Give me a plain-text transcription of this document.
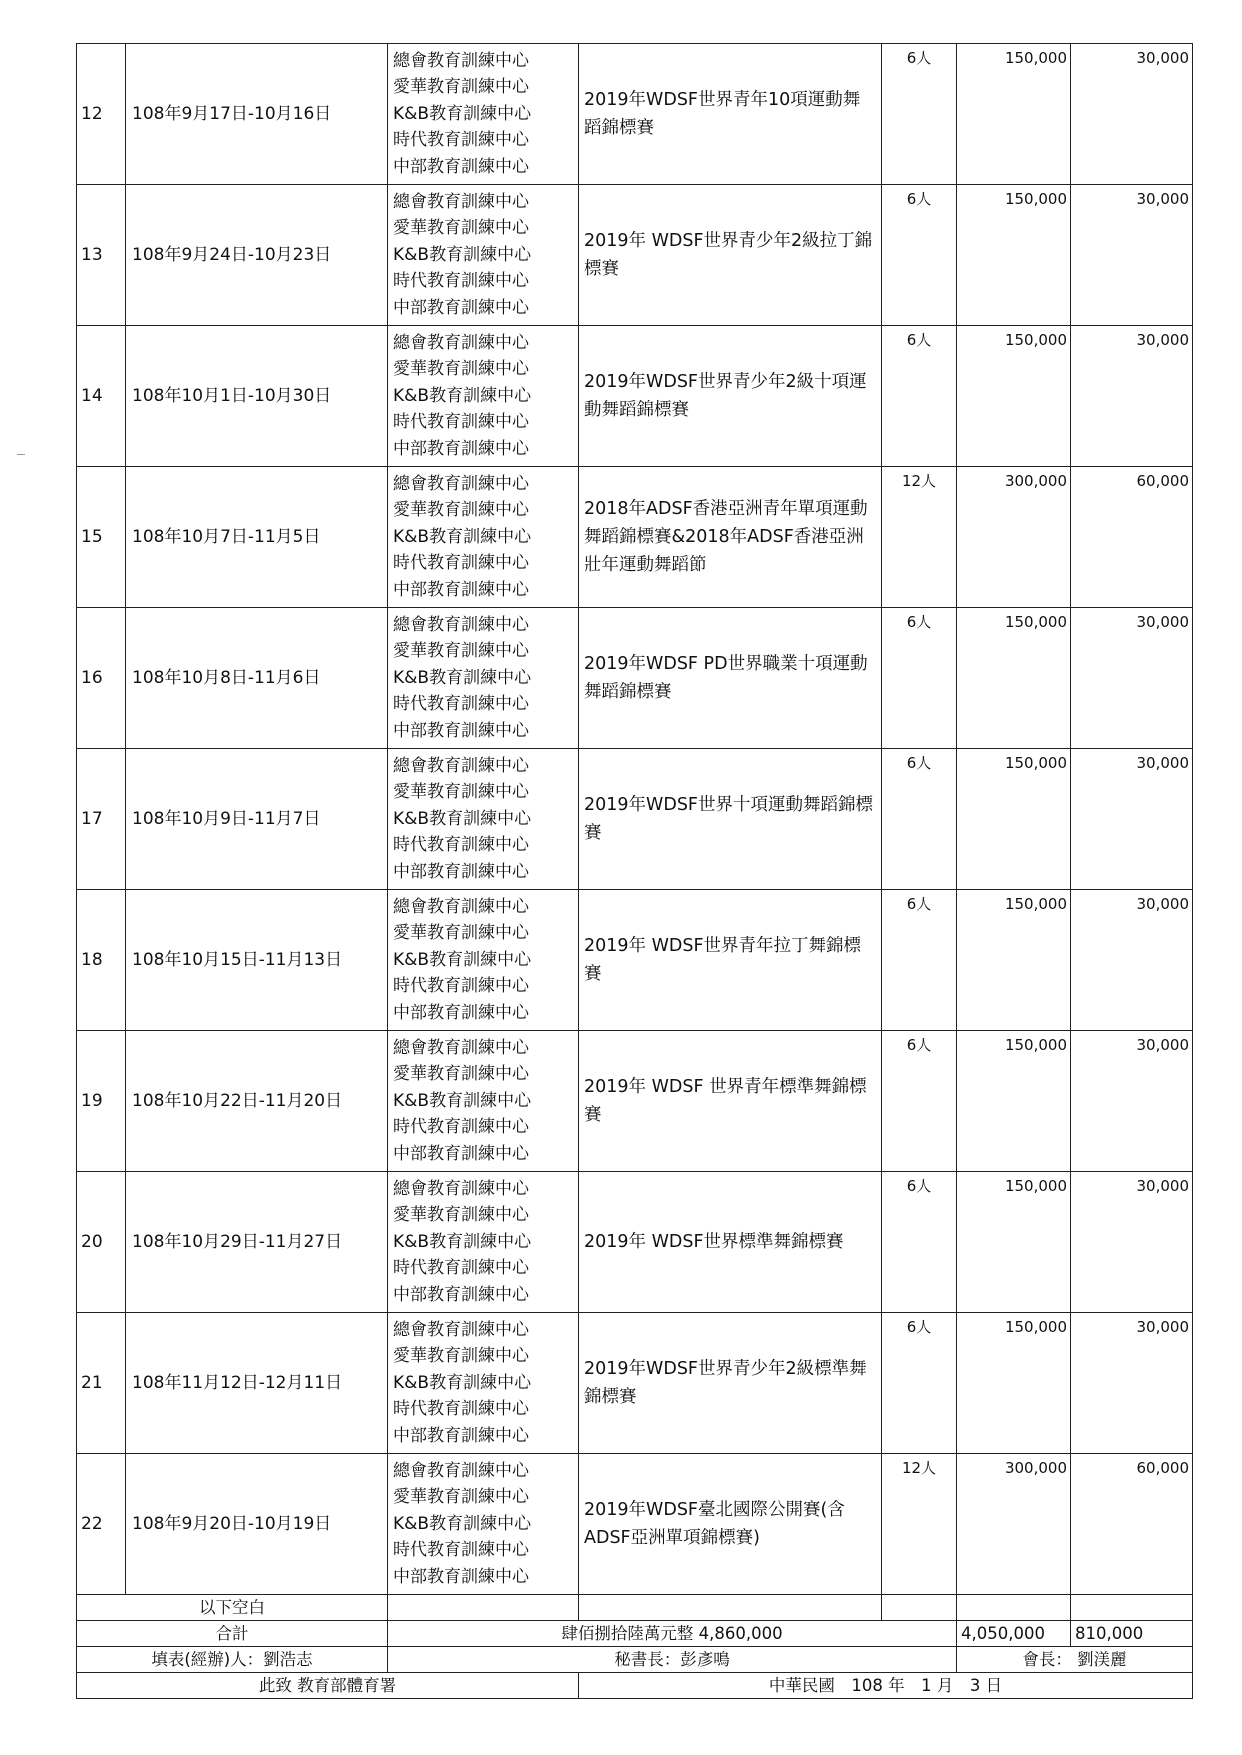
12	108年9月17日-10月16日	總會教育訓練中心
愛華教育訓練中心
K&B教育訓練中心
時代教育訓練中心
中部教育訓練中心	2019年WDSF世界青年10項運動舞蹈錦標賽	6人	150,000	30,000
13	108年9月24日-10月23日	總會教育訓練中心
愛華教育訓練中心
K&B教育訓練中心
時代教育訓練中心
中部教育訓練中心	2019年 WDSF世界青少年2級拉丁錦標賽	6人	150,000	30,000
14	108年10月1日-10月30日	總會教育訓練中心
愛華教育訓練中心
K&B教育訓練中心
時代教育訓練中心
中部教育訓練中心	2019年WDSF世界青少年2級十項運動舞蹈錦標賽	6人	150,000	30,000
15	108年10月7日-11月5日	總會教育訓練中心
愛華教育訓練中心
K&B教育訓練中心
時代教育訓練中心
中部教育訓練中心	2018年ADSF香港亞洲青年單項運動舞蹈錦標賽&2018年ADSF香港亞洲壯年運動舞蹈節	12人	300,000	60,000
16	108年10月8日-11月6日	總會教育訓練中心
愛華教育訓練中心
K&B教育訓練中心
時代教育訓練中心
中部教育訓練中心	2019年WDSF PD世界職業十項運動舞蹈錦標賽	6人	150,000	30,000
17	108年10月9日-11月7日	總會教育訓練中心
愛華教育訓練中心
K&B教育訓練中心
時代教育訓練中心
中部教育訓練中心	2019年WDSF世界十項運動舞蹈錦標賽	6人	150,000	30,000
18	108年10月15日-11月13日	總會教育訓練中心
愛華教育訓練中心
K&B教育訓練中心
時代教育訓練中心
中部教育訓練中心	2019年 WDSF世界青年拉丁舞錦標賽	6人	150,000	30,000
19	108年10月22日-11月20日	總會教育訓練中心
愛華教育訓練中心
K&B教育訓練中心
時代教育訓練中心
中部教育訓練中心	2019年 WDSF 世界青年標準舞錦標賽	6人	150,000	30,000
20	108年10月29日-11月27日	總會教育訓練中心
愛華教育訓練中心
K&B教育訓練中心
時代教育訓練中心
中部教育訓練中心	2019年 WDSF世界標準舞錦標賽	6人	150,000	30,000
21	108年11月12日-12月11日	總會教育訓練中心
愛華教育訓練中心
K&B教育訓練中心
時代教育訓練中心
中部教育訓練中心	2019年WDSF世界青少年2級標準舞錦標賽	6人	150,000	30,000
22	108年9月20日-10月19日	總會教育訓練中心
愛華教育訓練中心
K&B教育訓練中心
時代教育訓練中心
中部教育訓練中心	2019年WDSF臺北國際公開賽(含ADSF亞洲單項錦標賽)	12人	300,000	60,000
以下空白						
合計		肆佰捌拾陸萬元整 4,860,000			4,050,000	810,000
填表(經辦)人：劉浩志		秘書長：彭彥鳴			會長： 劉渼麗	
此致 教育部體育署			中華民國　108 年　1 月　3 日			
